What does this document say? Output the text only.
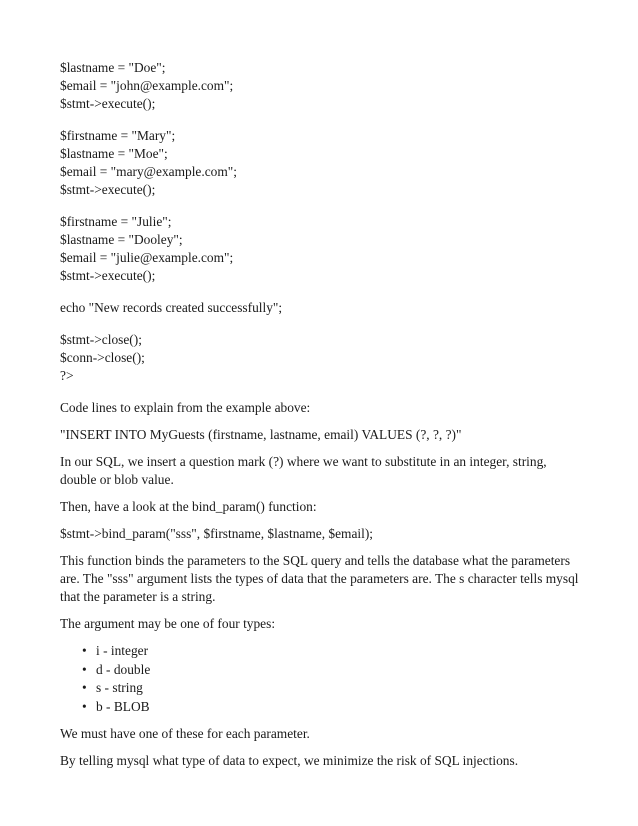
$lastname = "Doe";
$email = "john@example.com";
$stmt->execute();
$firstname = "Mary";
$lastname = "Moe";
$email = "mary@example.com";
$stmt->execute();
$firstname = "Julie";
$lastname = "Dooley";
$email = "julie@example.com";
$stmt->execute();
echo "New records created successfully";
$stmt->close();
$conn->close();
?>

Code lines to explain from the example above:

"INSERT INTO MyGuests (firstname, lastname, email) VALUES (?, ?, ?)"

In our SQL, we insert a question mark (?) where we want to substitute in an integer, string, double or blob value.

Then, have a look at the bind_param() function:

$stmt->bind_param("sss", $firstname, $lastname, $email);

This function binds the parameters to the SQL query and tells the database what the parameters are. The "sss" argument lists the types of data that the parameters are. The s character tells mysql that the parameter is a string.

The argument may be one of four types:

• i - integer
• d - double
• s - string
• b - BLOB

We must have one of these for each parameter.

By telling mysql what type of data to expect, we minimize the risk of SQL injections.
